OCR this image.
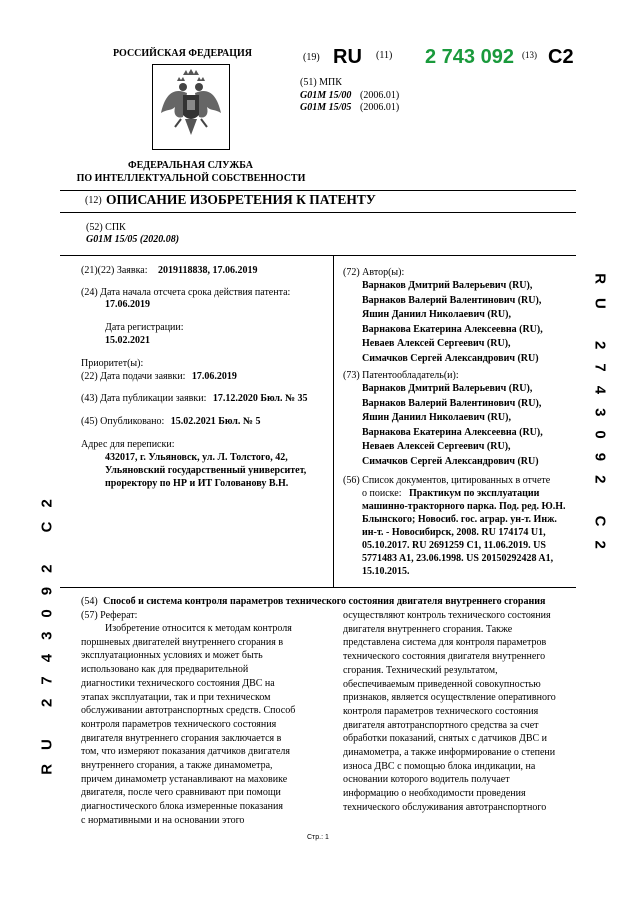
РОССИЙСКАЯ ФЕДЕРАЦИЯ
ФЕДЕРАЛЬНАЯ СЛУЖБА
ПО ИНТЕЛЛЕКТУАЛЬНОЙ СОБСТВЕННОСТИ
(19) RU (11) 2 743 092 (13) C2
(51) МПК
G01M 15/00 (2006.01)
G01M 15/05 (2006.01)
(12) ОПИСАНИЕ ИЗОБРЕТЕНИЯ К ПАТЕНТУ
(52) СПК
G01M 15/05 (2020.08)
(21)(22) Заявка: 2019118838, 17.06.2019
(24) Дата начала отсчета срока действия патента:
17.06.2019
Дата регистрации:
15.02.2021
Приоритет(ы):
(22) Дата подачи заявки: 17.06.2019
(43) Дата публикации заявки: 17.12.2020 Бюл. № 35
(45) Опубликовано: 15.02.2021 Бюл. № 5
Адрес для переписки:
432017, г. Ульяновск, ул. Л. Толстого, 42,
Ульяновский государственный университет,
проректору по НР и ИТ Голованову В.Н.
(72) Автор(ы):
Варнаков Дмитрий Валерьевич (RU),
Варнаков Валерий Валентинович (RU),
Яшин Даниил Николаевич (RU),
Варнакова Екатерина Алексеевна (RU),
Неваев Алексей Сергеевич (RU),
Симачков Сергей Александрович (RU)
(73) Патентообладатель(и):
Варнаков Дмитрий Валерьевич (RU),
Варнаков Валерий Валентинович (RU),
Яшин Даниил Николаевич (RU),
Варнакова Екатерина Алексеевна (RU),
Неваев Алексей Сергеевич (RU),
Симачков Сергей Александрович (RU)
(56) Список документов, цитированных в отчете
о поиске: Практикум по эксплуатации
машинно-тракторного парка. Под. ред. Ю.Н.
Блынского; Новосиб. гос. аграр. ун-т. Инж.
ин-т. - Новосибирск, 2008. RU 174174 U1,
05.10.2017. RU 2691259 C1, 11.06.2019. US
5771483 A1, 23.06.1998. US 20150292428 A1,
15.10.2015.
RU 2743092 C2
RU 2743092 C2
(54) Способ и система контроля параметров технического состояния двигателя внутреннего сгорания
(57) Реферат:
Изобретение относится к методам контроля
поршневых двигателей внутреннего сгорания в
эксплуатационных условиях и может быть
использовано как для предварительной
диагностики технического состояния ДВС на
этапах эксплуатации, так и при техническом
обслуживании автотранспортных средств. Способ
контроля параметров технического состояния
двигателя внутреннего сгорания заключается в
том, что измеряют показания датчиков двигателя
внутреннего сгорания, а также динамометра,
причем динамометр устанавливают на маховике
двигателя, после чего сравнивают при помощи
диагностического блока измеренные показания
с нормативными и на основании этого
осуществляют контроль технического состояния
двигателя внутреннего сгорания. Также
представлена система для контроля параметров
технического состояния двигателя внутреннего
сгорания. Технический результатом,
обеспечиваемым приведенной совокупностью
признаков, является осуществление оперативного
контроля параметров технического состояния
двигателя автотранспортного средства за счет
обработки показаний, снятых с датчиков ДВС и
динамометра, а также информирование о степени
износа ДВС с помощью блока индикации, на
основании которого водитель получает
информацию о необходимости проведения
технического обслуживания автотранспортного
Стр.: 1
